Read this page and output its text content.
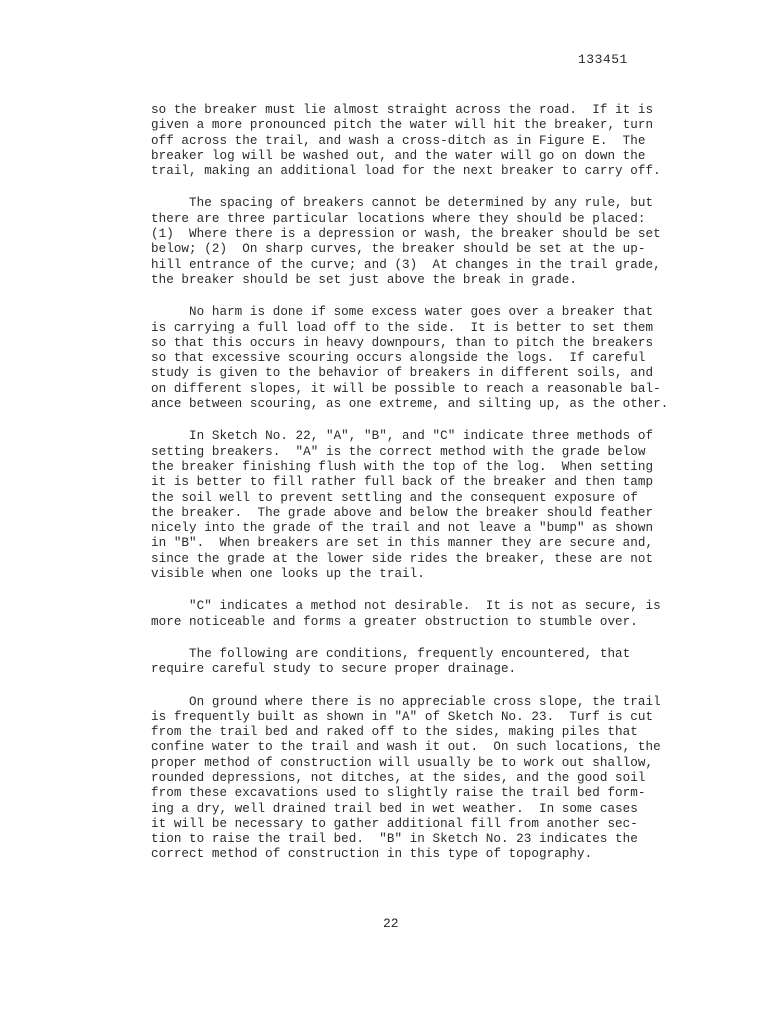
133451
so the breaker must lie almost straight across the road.  If it is
given a more pronounced pitch the water will hit the breaker, turn
off across the trail, and wash a cross-ditch as in Figure E.  The
breaker log will be washed out, and the water will go on down the
trail, making an additional load for the next breaker to carry off.
The spacing of breakers cannot be determined by any rule, but
there are three particular locations where they should be placed:
(1)  Where there is a depression or wash, the breaker should be set
below; (2)  On sharp curves, the breaker should be set at the up-
hill entrance of the curve; and (3)  At changes in the trail grade,
the breaker should be set just above the break in grade.
No harm is done if some excess water goes over a breaker that
is carrying a full load off to the side.  It is better to set them
so that this occurs in heavy downpours, than to pitch the breakers
so that excessive scouring occurs alongside the logs.  If careful
study is given to the behavior of breakers in different soils, and
on different slopes, it will be possible to reach a reasonable bal-
ance between scouring, as one extreme, and silting up, as the other.
In Sketch No. 22, "A", "B", and "C" indicate three methods of
setting breakers.  "A" is the correct method with the grade below
the breaker finishing flush with the top of the log.  When setting
it is better to fill rather full back of the breaker and then tamp
the soil well to prevent settling and the consequent exposure of
the breaker.  The grade above and below the breaker should feather
nicely into the grade of the trail and not leave a "bump" as shown
in "B".  When breakers are set in this manner they are secure and,
since the grade at the lower side rides the breaker, these are not
visible when one looks up the trail.
"C" indicates a method not desirable.  It is not as secure, is
more noticeable and forms a greater obstruction to stumble over.
The following are conditions, frequently encountered, that
require careful study to secure proper drainage.
On ground where there is no appreciable cross slope, the trail
is frequently built as shown in "A" of Sketch No. 23.  Turf is cut
from the trail bed and raked off to the sides, making piles that
confine water to the trail and wash it out.  On such locations, the
proper method of construction will usually be to work out shallow,
rounded depressions, not ditches, at the sides, and the good soil
from these excavations used to slightly raise the trail bed form-
ing a dry, well drained trail bed in wet weather.  In some cases
it will be necessary to gather additional fill from another sec-
tion to raise the trail bed.  "B" in Sketch No. 23 indicates the
correct method of construction in this type of topography.
22
